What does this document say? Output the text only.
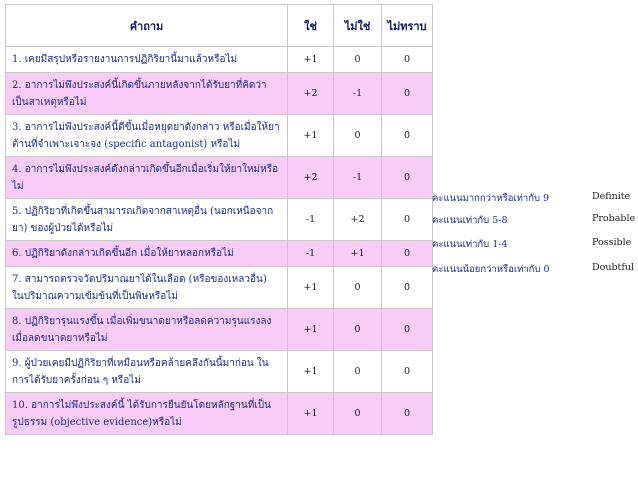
คำถาม	ใช่	ไม่ใช่	ไม่ทราบ
1. เคยมีสรุปหรือรายงานการปฏิกิริยานี้มาแล้วหรือไม่	+1	0	0
2. อาการไม่พึงประสงค์นี้เกิดขึ้นภายหลังจากได้รับยาที่คิดว่าเป็นสาเหตุหรือไม่	+2	-1	0
3. อาการไม่พึงประสงค์นี้ดีขึ้นเมื่อหยุดยาดังกล่าว หรือเมื่อให้ยาต้านที่จำเพาะเจาะจง (specific antagonist) หรือไม่	+1	0	0
4. อาการไม่พึงประสงค์ดังกล่าวเกิดขึ้นอีกเมื่อเริ่มให้ยาใหม่หรือไม่	+2	-1	0
5. ปฏิกิริยาที่เกิดขึ้นสามารถเกิดจากสาเหตุอื่น (นอกเหนือจากยา) ของผู้ป่วยได้หรือไม่	-1	+2	0
6. ปฏิกิริยาดังกล่าวเกิดขึ้นอีก เมื่อให้ยาหลอกหรือไม่	-1	+1	0
7. สามารถตรวจวัดปริมาณยาได้ในเลือด (หรือของเหลวอื่น) ในปริมาณความเข้มข้นที่เป็นพิษหรือไม่	+1	0	0
8. ปฏิกิริยารุนแรงขึ้น เมื่อเพิ่มขนาดยาหรือลดความรุนแรงลงเมื่อลดขนาดยาหรือไม่	+1	0	0
9. ผู้ป่วยเคยมีปฏิกิริยาที่เหมือนหรือคล้ายคลึงกันนี้มาก่อน ในการได้รับยาครั้งก่อน ๆ หรือไม่	+1	0	0
10. อาการไม่พึงประสงค์นี้ ได้รับการยืนยันโดยหลักฐานที่เป็นรูปธรรม (objective evidence)หรือไม่	+1	0	0
คะแนนมากกว่าหรือเท่ากับ 9	Definite
คะแนนเท่ากับ 5-8	Probable
คะแนนเท่ากับ 1-4	Possible
คะแนนน้อยกว่าหรือเท่ากับ 0	Doubtful
